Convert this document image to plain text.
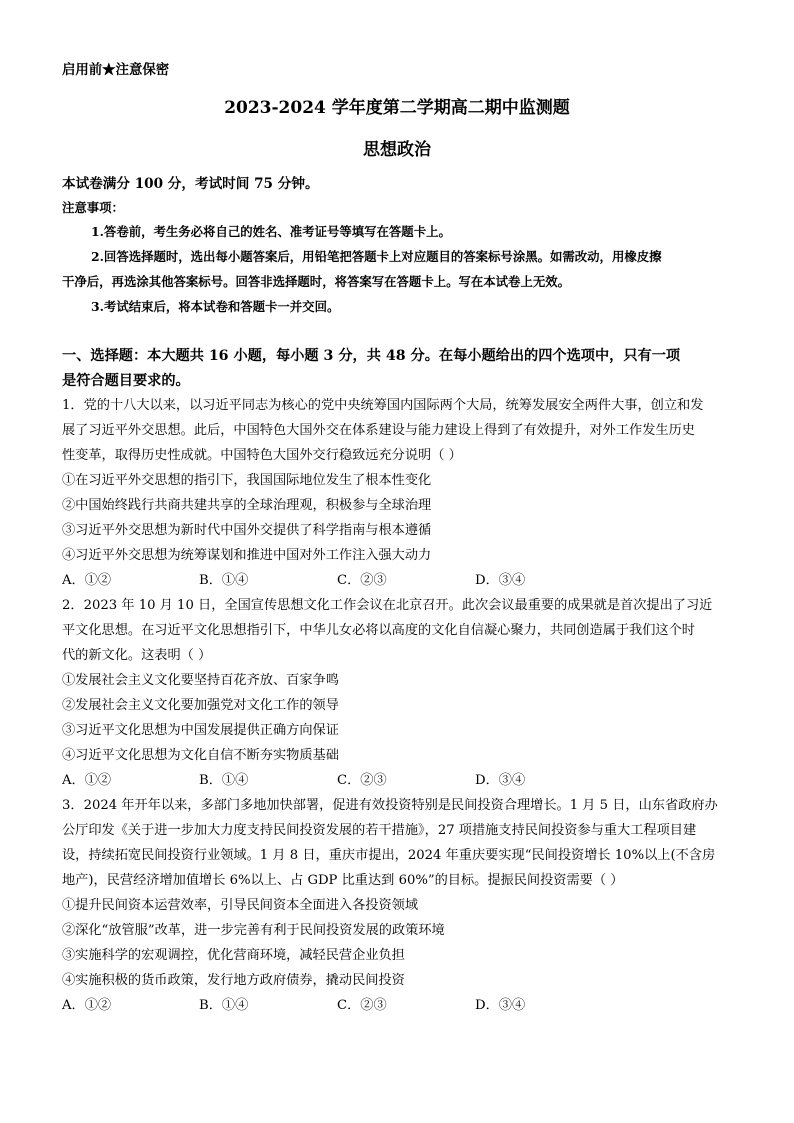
启用前★注意保密
2023-2024 学年度第二学期高二期中监测题
思想政治
本试卷满分 100 分，考试时间 75 分钟。
注意事项：
1.答卷前，考生务必将自己的姓名、准考证号等填写在答题卡上。
2.回答选择题时，选出每小题答案后，用铅笔把答题卡上对应题目的答案标号涂黑。如需改动，用橡皮擦
干净后，再选涂其他答案标号。回答非选择题时，将答案写在答题卡上。写在本试卷上无效。
3.考试结束后，将本试卷和答题卡一并交回。
一、选择题：本大题共 16 小题，每小题 3 分，共 48 分。在每小题给出的四个选项中，只有一项
是符合题目要求的。
1．党的十八大以来，以习近平同志为核心的党中央统筹国内国际两个大局，统筹发展安全两件大事，创立和发
展了习近平外交思想。此后，中国特色大国外交在体系建设与能力建设上得到了有效提升，对外工作发生历史
性变革，取得历史性成就。中国特色大国外交行稳致远充分说明（ ）
①在习近平外交思想的指引下，我国国际地位发生了根本性变化
②中国始终践行共商共建共享的全球治理观，积极参与全球治理
③习近平外交思想为新时代中国外交提供了科学指南与根本遵循
④习近平外交思想为统筹谋划和推进中国对外工作注入强大动力
A．①②	B．①④	C．②③	D．③④
2．2023 年 10 月 10 日，全国宣传思想文化工作会议在北京召开。此次会议最重要的成果就是首次提出了习近
平文化思想。在习近平文化思想指引下，中华儿女必将以高度的文化自信凝心聚力，共同创造属于我们这个时
代的新文化。这表明（ ）
①发展社会主义文化要坚持百花齐放、百家争鸣
②发展社会主义文化要加强党对文化工作的领导
③习近平文化思想为中国发展提供正确方向保证
④习近平文化思想为文化自信不断夯实物质基础
A．①②	B．①④	C．②③	D．③④
3．2024 年开年以来，多部门多地加快部署，促进有效投资特别是民间投资合理增长。1 月 5 日，山东省政府办
公厅印发《关于进一步加大力度支持民间投资发展的若干措施》，27 项措施支持民间投资参与重大工程项目建
设，持续拓宽民间投资行业领域。1 月 8 日，重庆市提出，2024 年重庆要实现“民间投资增长 10%以上(不含房
地产)，民营经济增加值增长 6%以上、占 GDP 比重达到 60%”的目标。提振民间投资需要（ ）
①提升民间资本运营效率，引导民间资本全面进入各投资领域
②深化“放管服”改革，进一步完善有利于民间投资发展的政策环境
③实施科学的宏观调控，优化营商环境，减轻民营企业负担
④实施积极的货币政策，发行地方政府债券，撬动民间投资
A．①②	B．①④	C．②③	D．③④
